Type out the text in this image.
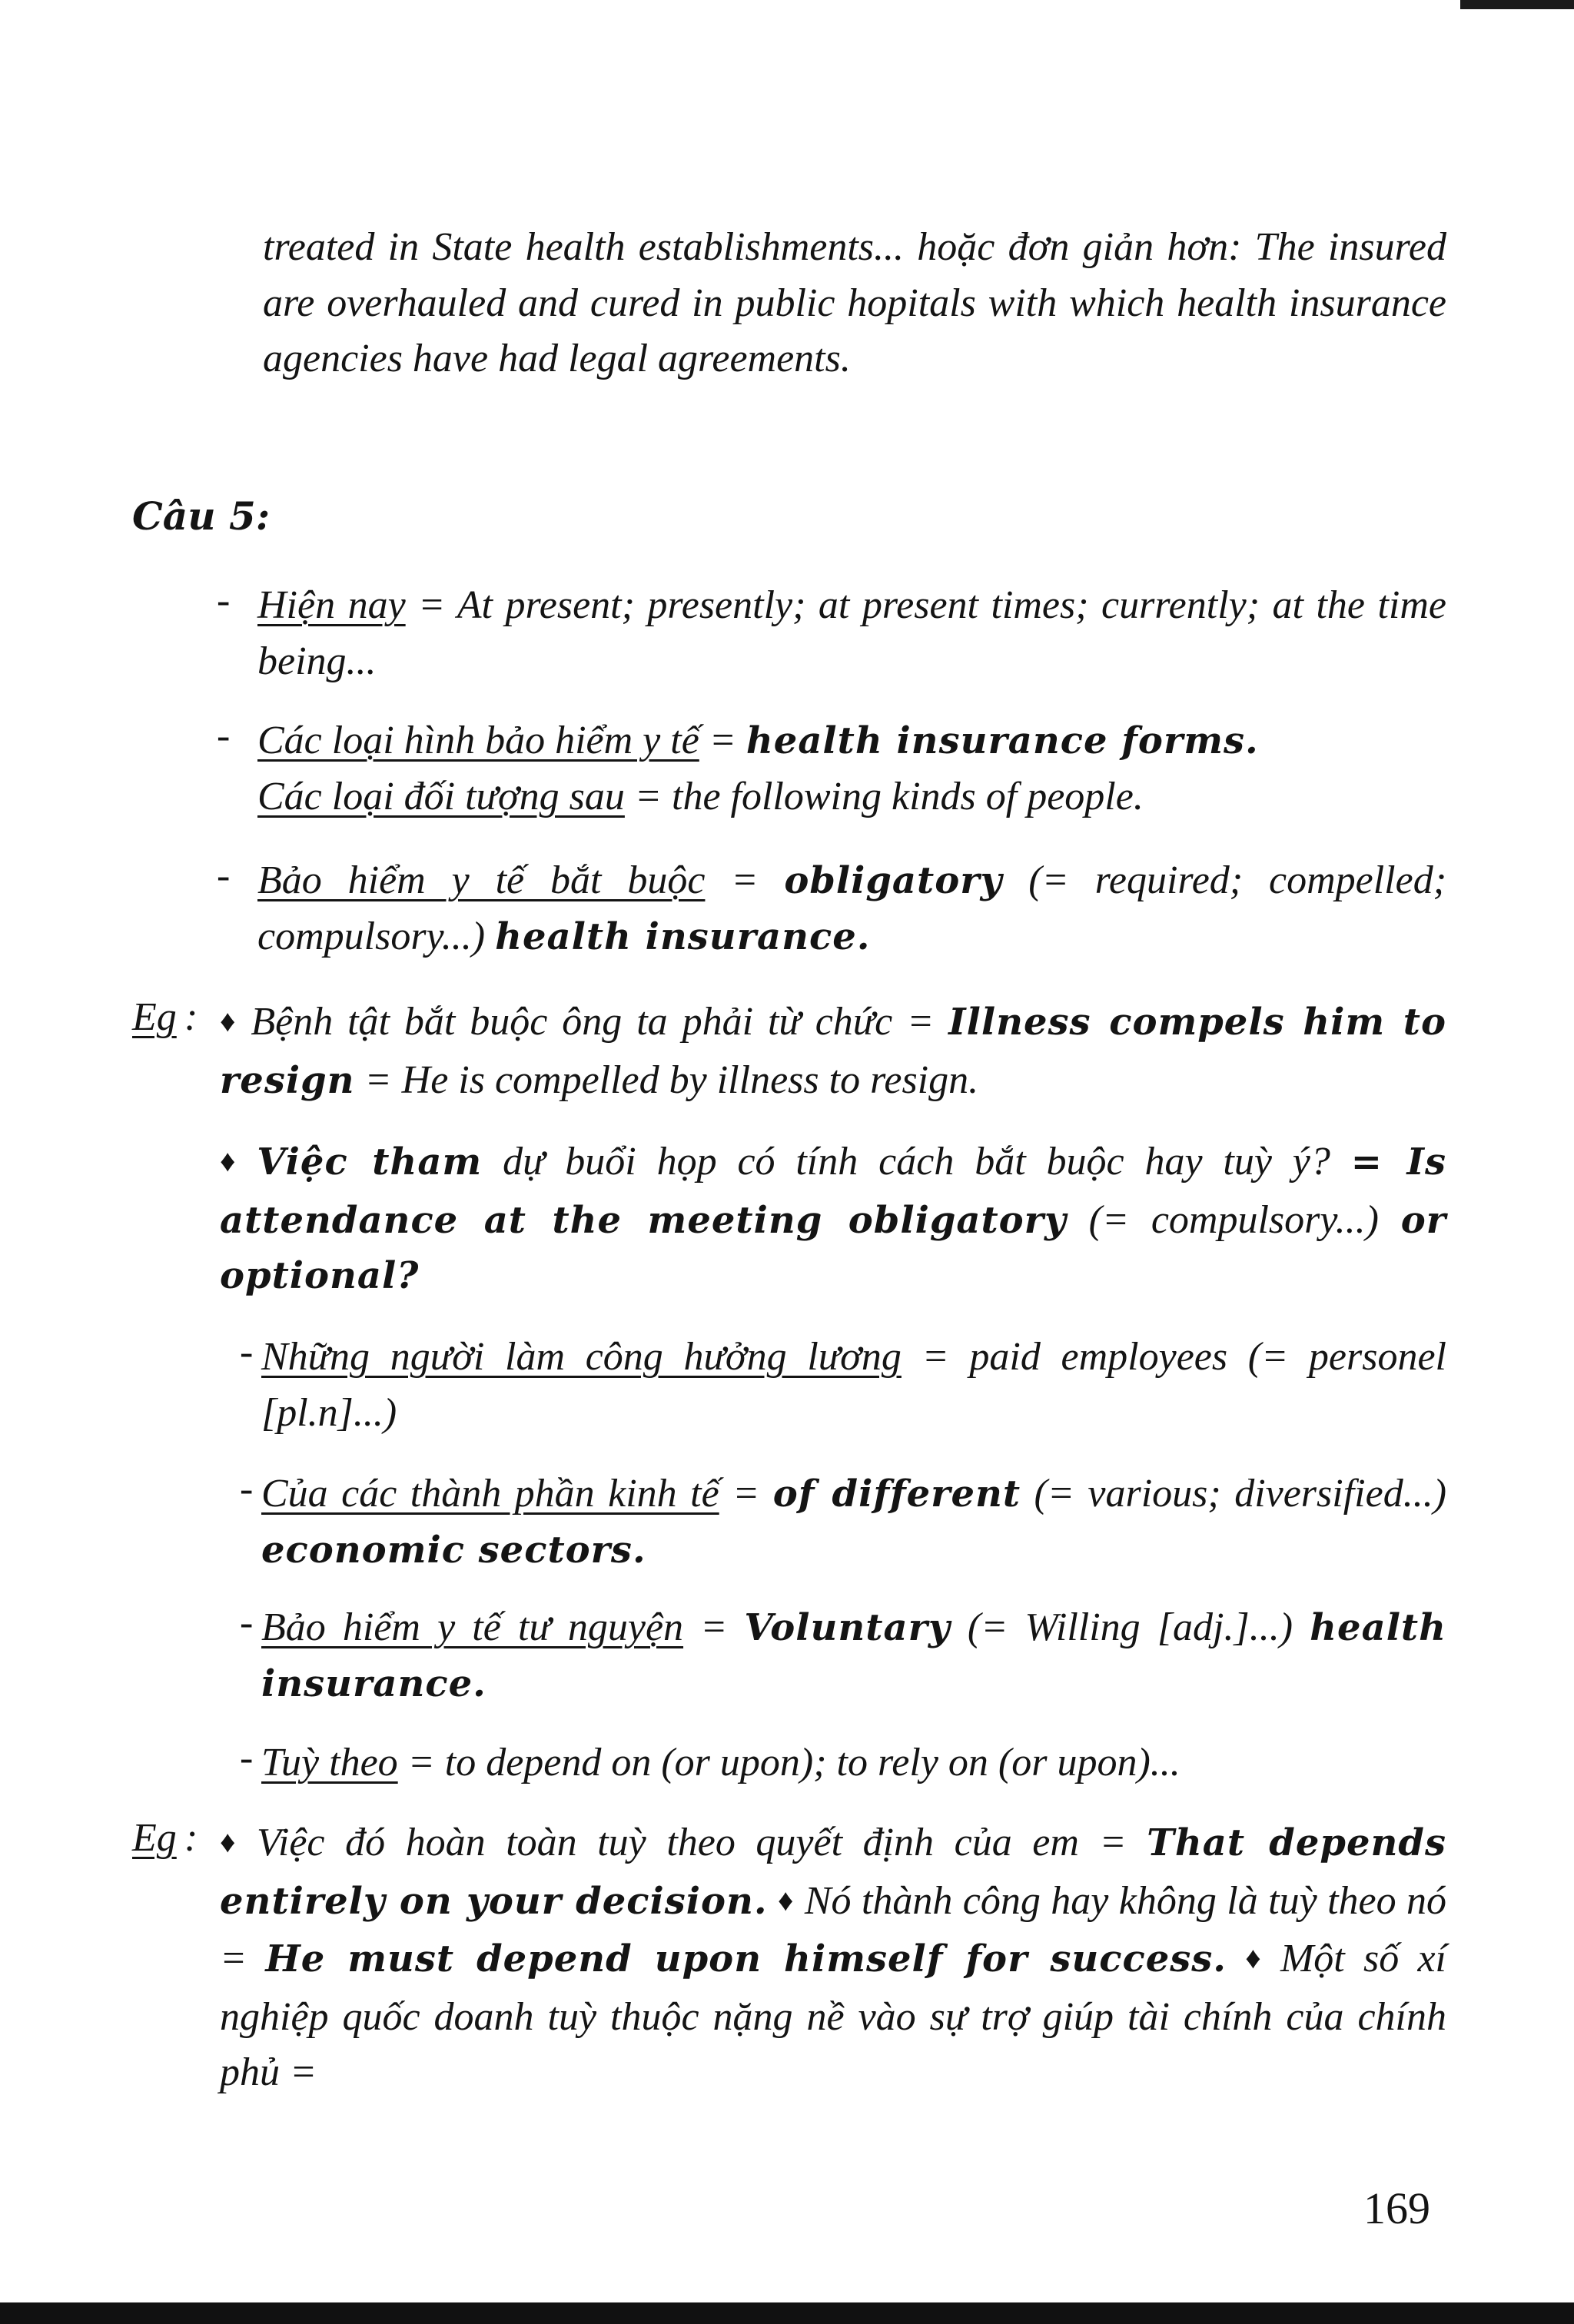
treated in State health establishments... hoặc đơn giản hơn: The insured are overhauled and cured in public hopitals with which health insurance agencies have had legal agreements.

Câu 5:
- Hiện nay = At present; presently; at present times; currently; at the time being...

- Các loại hình bảo hiểm y tế = health insurance forms.
Các loại đối tượng sau = the following kinds of people.

- Bảo hiểm y tế bắt buộc = obligatory (= required; compelled; compulsory...) health insurance.

Eg : ♦ Bệnh tật bắt buộc ông ta phải từ chức = Illness compels him to resign = He is compelled by illness to resign.

♦ Việc tham dự buổi họp có tính cách bắt buộc hay tuỳ ý? = Is attendance at the meeting obligatory (= compulsory...) or optional?

- Những người làm công hưởng lương = paid employees (= personel [pl.n]...)

- Của các thành phần kinh tế = of different (= various; diversified...) economic sectors.

- Bảo hiểm y tế tư nguyện = Voluntary (= Willing [adj.]...) health insurance.

- Tuỳ theo = to depend on (or upon); to rely on (or upon)...

Eg : ♦ Việc đó hoàn toàn tuỳ theo quyết định của em = That depends entirely on your decision. ♦ Nó thành công hay không là tuỳ theo nó = He must depend upon himself for success. ♦ Một số xí nghiệp quốc doanh tuỳ thuộc nặng nề vào sự trợ giúp tài chính của chính phủ =

169
